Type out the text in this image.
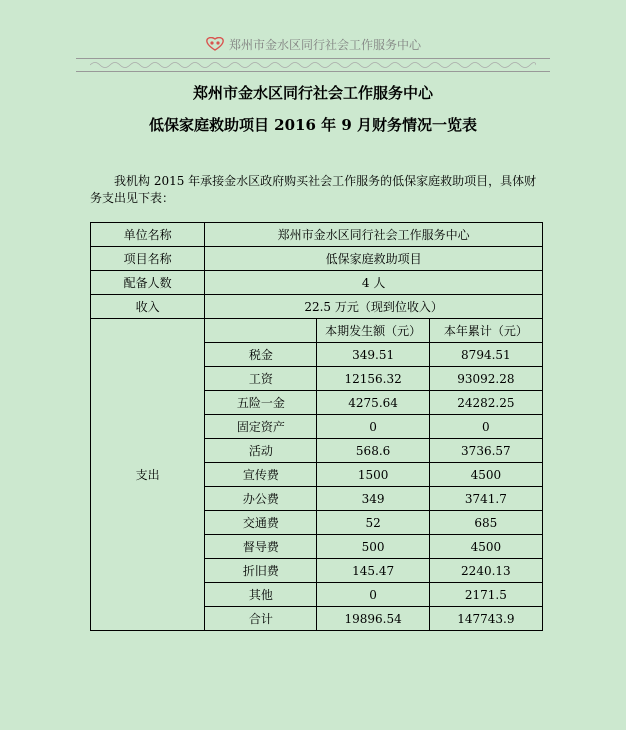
郑州市金水区同行社会工作服务中心
郑州市金水区同行社会工作服务中心
低保家庭救助项目 2016 年 9 月财务情况一览表
我机构 2015 年承接金水区政府购买社会工作服务的低保家庭救助项目，具体财务支出见下表：
单位名称	郑州市金水区同行社会工作服务中心		
项目名称	低保家庭救助项目		
配备人数	4 人		
收入	22.5 万元（现到位收入）		
支出		本期发生额（元）	本年累计（元）
	税金	349.51	8794.51
	工资	12156.32	93092.28
	五险一金	4275.64	24282.25
	固定资产	0	0
	活动	568.6	3736.57
	宣传费	1500	4500
	办公费	349	3741.7
	交通费	52	685
	督导费	500	4500
	折旧费	145.47	2240.13
	其他	0	2171.5
	合计	19896.54	147743.9
